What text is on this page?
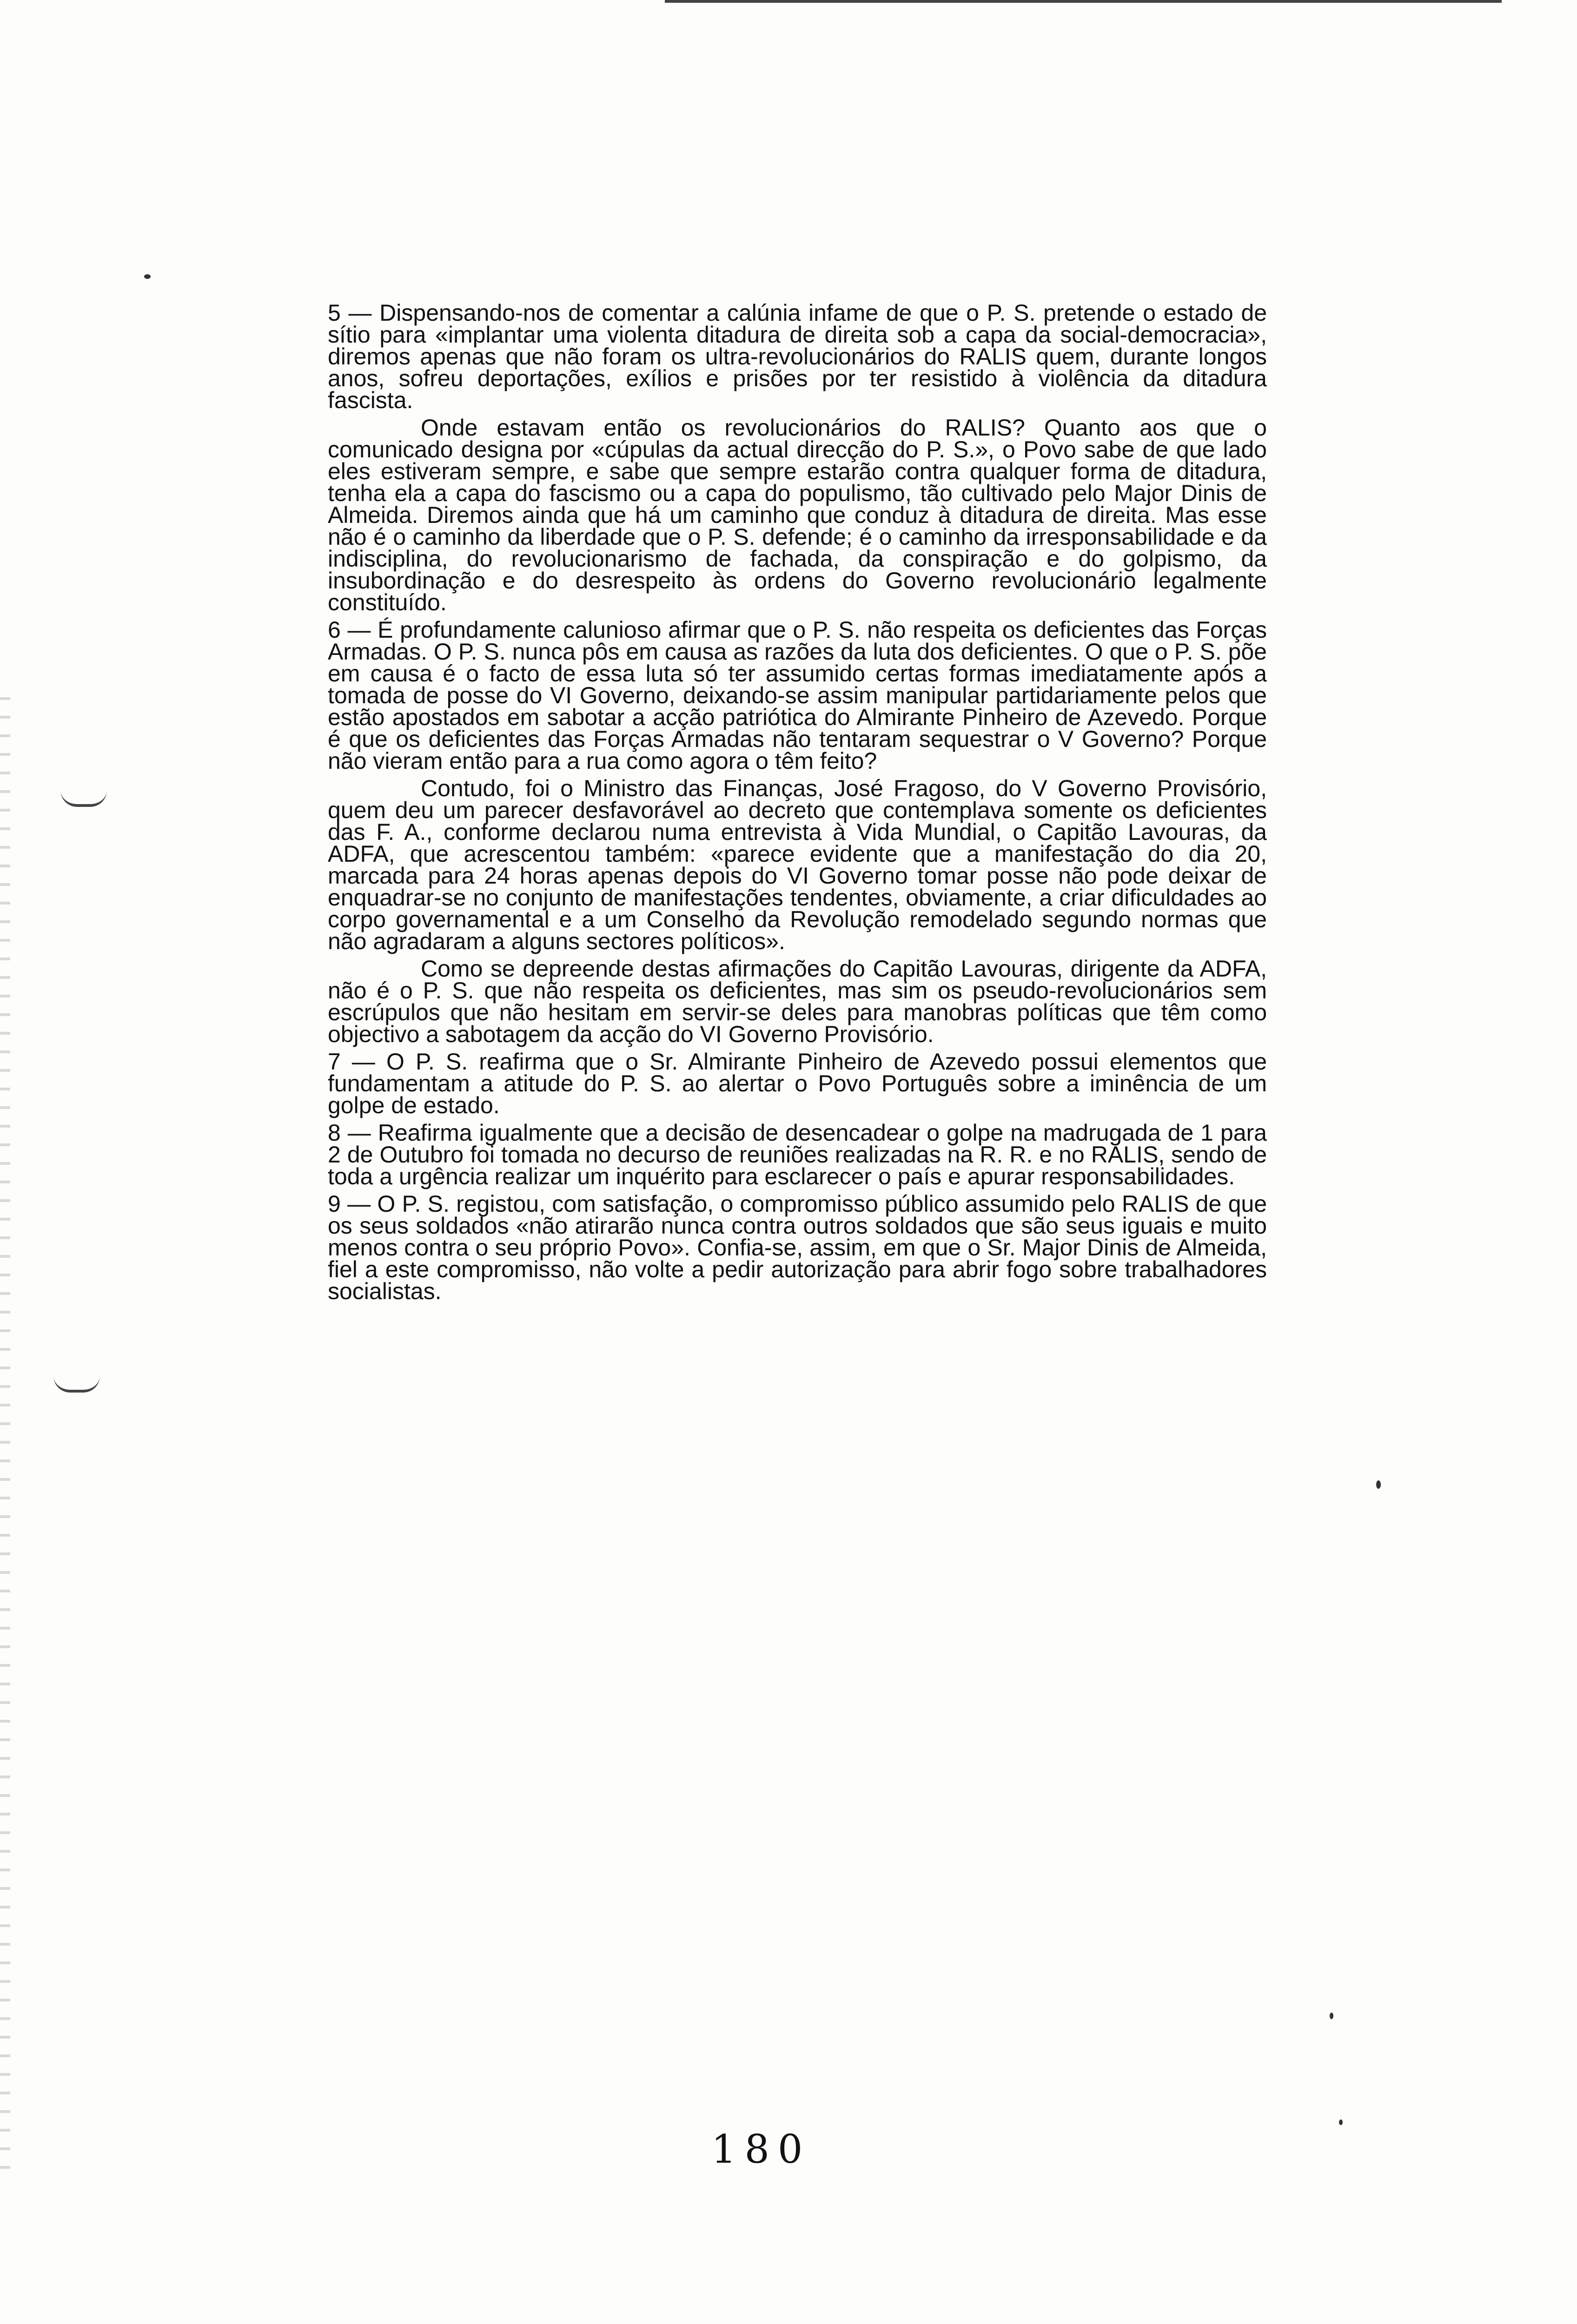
5 — Dispensando-nos de comentar a calúnia infame de que o P. S. pretende o estado de sítio para «implantar uma violenta ditadura de direita sob a capa da social-democracia», diremos apenas que não foram os ultra-revolucionários do RALIS quem, durante longos anos, sofreu deportações, exílios e prisões por ter resistido à violência da ditadura fascista.

Onde estavam então os revolucionários do RALIS? Quanto aos que o comunicado designa por «cúpulas da actual direcção do P. S.», o Povo sabe de que lado eles estiveram sempre, e sabe que sempre estarão contra qualquer forma de ditadura, tenha ela a capa do fascismo ou a capa do populismo, tão cultivado pelo Major Dinis de Almeida. Diremos ainda que há um caminho que conduz à ditadura de direita. Mas esse não é o caminho da liberdade que o P. S. defende; é o caminho da irresponsabilidade e da indisciplina, do revolucionarismo de fachada, da conspiração e do golpismo, da insubordinação e do desrespeito às ordens do Governo revolucionário legalmente constituído.

6 — É profundamente calunioso afirmar que o P. S. não respeita os deficientes das Forças Armadas. O P. S. nunca pôs em causa as razões da luta dos deficientes. O que o P. S. põe em causa é o facto de essa luta só ter assumido certas formas imediatamente após a tomada de posse do VI Governo, deixando-se assim manipular partidariamente pelos que estão apostados em sabotar a acção patriótica do Almirante Pinheiro de Azevedo. Porque é que os deficientes das Forças Armadas não tentaram sequestrar o V Governo? Porque não vieram então para a rua como agora o têm feito?

Contudo, foi o Ministro das Finanças, José Fragoso, do V Governo Provisório, quem deu um parecer desfavorável ao decreto que contemplava somente os deficientes das F. A., conforme declarou numa entrevista à Vida Mundial, o Capitão Lavouras, da ADFA, que acrescentou também: «parece evidente que a manifestação do dia 20, marcada para 24 horas apenas depois do VI Governo tomar posse não pode deixar de enquadrar-se no conjunto de manifestações tendentes, obviamente, a criar dificuldades ao corpo governamental e a um Conselho da Revolução remodelado segundo normas que não agradaram a alguns sectores políticos».

Como se depreende destas afirmações do Capitão Lavouras, dirigente da ADFA, não é o P. S. que não respeita os deficientes, mas sim os pseudo-revolucionários sem escrúpulos que não hesitam em servir-se deles para manobras políticas que têm como objectivo a sabotagem da acção do VI Governo Provisório.

7 — O P. S. reafirma que o Sr. Almirante Pinheiro de Azevedo possui elementos que fundamentam a atitude do P. S. ao alertar o Povo Português sobre a iminência de um golpe de estado.

8 — Reafirma igualmente que a decisão de desencadear o golpe na madrugada de 1 para 2 de Outubro foi tomada no decurso de reuniões realizadas na R. R. e no RALIS, sendo de toda a urgência realizar um inquérito para esclarecer o país e apurar responsabilidades.

9 — O P. S. registou, com satisfação, o compromisso público assumido pelo RALIS de que os seus soldados «não atirarão nunca contra outros soldados que são seus iguais e muito menos contra o seu próprio Povo». Confia-se, assim, em que o Sr. Major Dinis de Almeida, fiel a este compromisso, não volte a pedir autorização para abrir fogo sobre trabalhadores socialistas.

180
